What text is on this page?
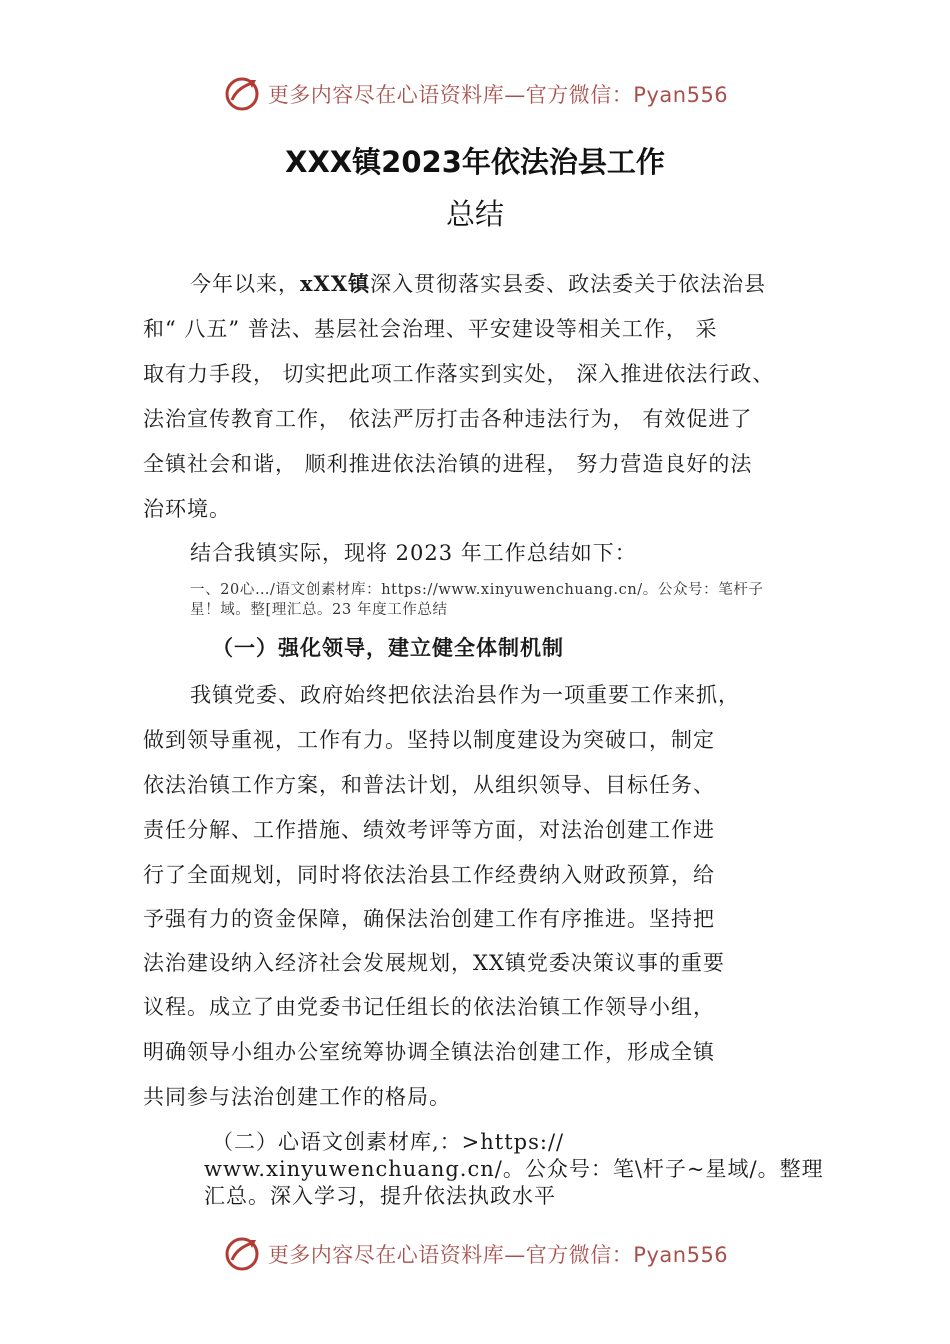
更多内容尽在心语资料库—官方微信：Pyan556
XXX镇2023年依法治县工作
总结
今年以来，xXX镇深入贯彻落实县委、政法委关于依法治县
和“ 八五” 普法、基层社会治理、平安建设等相关工作， 采
取有力手段， 切实把此项工作落实到实处， 深入推进依法行政、
法治宣传教育工作， 依法严厉打击各种违法行为， 有效促进了
全镇社会和谐， 顺利推进依法治镇的进程， 努力营造良好的法
治环境。
结合我镇实际，现将 2023 年工作总结如下：
一、20心…/语文创素材库：https://www.xinyuwenchuang.cn/。公众号：笔杆子
星！域。整[理汇总。23 年度工作总结
（一）强化领导，建立健全体制机制
我镇党委、政府始终把依法治县作为一项重要工作来抓，
做到领导重视，工作有力。坚持以制度建设为突破口，制定
依法治镇工作方案，和普法计划，从组织领导、目标任务、
责任分解、工作措施、绩效考评等方面，对法治创建工作进
行了全面规划，同时将依法治县工作经费纳入财政预算，给
予强有力的资金保障，确保法治创建工作有序推进。坚持把
法治建设纳入经济社会发展规划，XX镇党委决策议事的重要
议程。成立了由党委书记任组长的依法治镇工作领导小组，
明确领导小组办公室统筹协调全镇法治创建工作，形成全镇
共同参与法治创建工作的格局。
（二）心语文创素材库,：>https://
www.xinyuwenchuang.cn/。公众号：笔\杆子~星域/。整理
汇总。深入学习，提升依法执政水平
更多内容尽在心语资料库—官方微信：Pyan556
